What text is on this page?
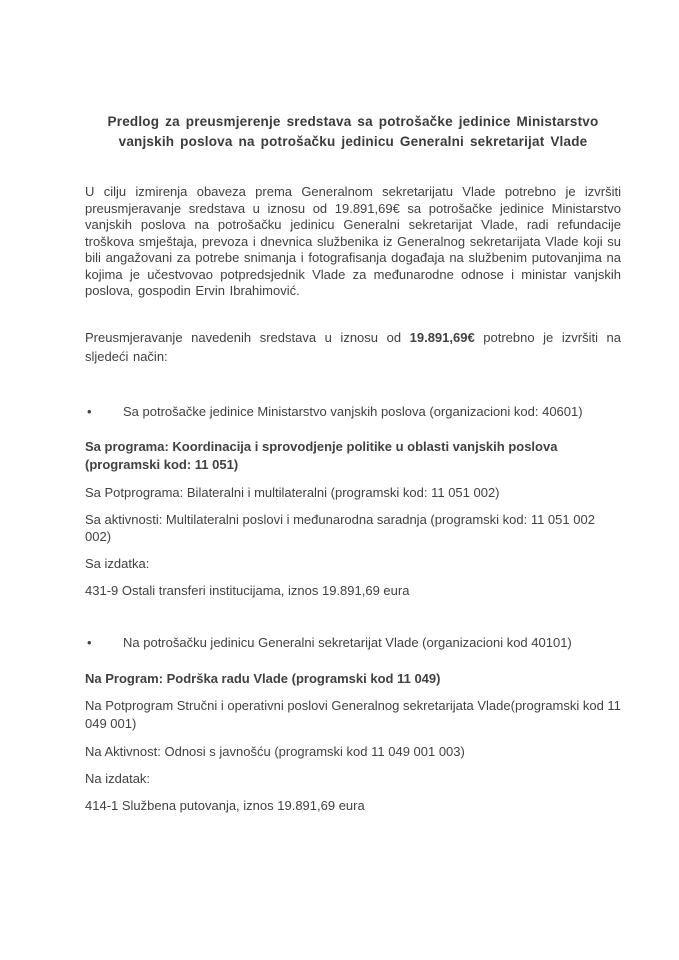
Predlog za preusmjerenje sredstava sa potrošačke jedinice Ministarstvo vanjskih poslova na potrošačku jedinicu Generalni sekretarijat Vlade

U cilju izmirenja obaveza prema Generalnom sekretarijatu Vlade potrebno je izvršiti preusmjeravanje sredstava u iznosu od 19.891,69€ sa potrošačke jedinice Ministarstvo vanjskih poslova na potrošačku jedinicu Generalni sekretarijat Vlade, radi refundacije troškova smještaja, prevoza i dnevnica službenika iz Generalnog sekretarijata Vlade koji su bili angažovani za potrebe snimanja i fotografisanja događaja na službenim putovanjima na kojima je učestvovao potpredsjednik Vlade za međunarodne odnose i ministar vanjskih poslova, gospodin Ervin Ibrahimović.

Preusmjeravanje navedenih sredstava u iznosu od 19.891,69€ potrebno je izvršiti na sljedeći način:

• Sa potrošačke jedinice Ministarstvo vanjskih poslova (organizacioni kod: 40601)

Sa programa: Koordinacija i sprovodjenje politike u oblasti vanjskih poslova (programski kod: 11 051)

Sa Potprograma: Bilateralni i multilateralni (programski kod: 11 051 002)

Sa aktivnosti: Multilateralni poslovi i međunarodna saradnja (programski kod: 11 051 002 002)

Sa izdatka:

431-9 Ostali transferi institucijama, iznos 19.891,69 eura

• Na potrošačku jedinicu Generalni sekretarijat Vlade (organizacioni kod 40101)

Na Program: Podrška radu Vlade (programski kod 11 049)

Na Potprogram Stručni i operativni poslovi Generalnog sekretarijata Vlade(programski kod 11 049 001)

Na Aktivnost: Odnosi s javnošću (programski kod 11 049 001 003)

Na izdatak:

414-1 Službena putovanja, iznos 19.891,69 eura
